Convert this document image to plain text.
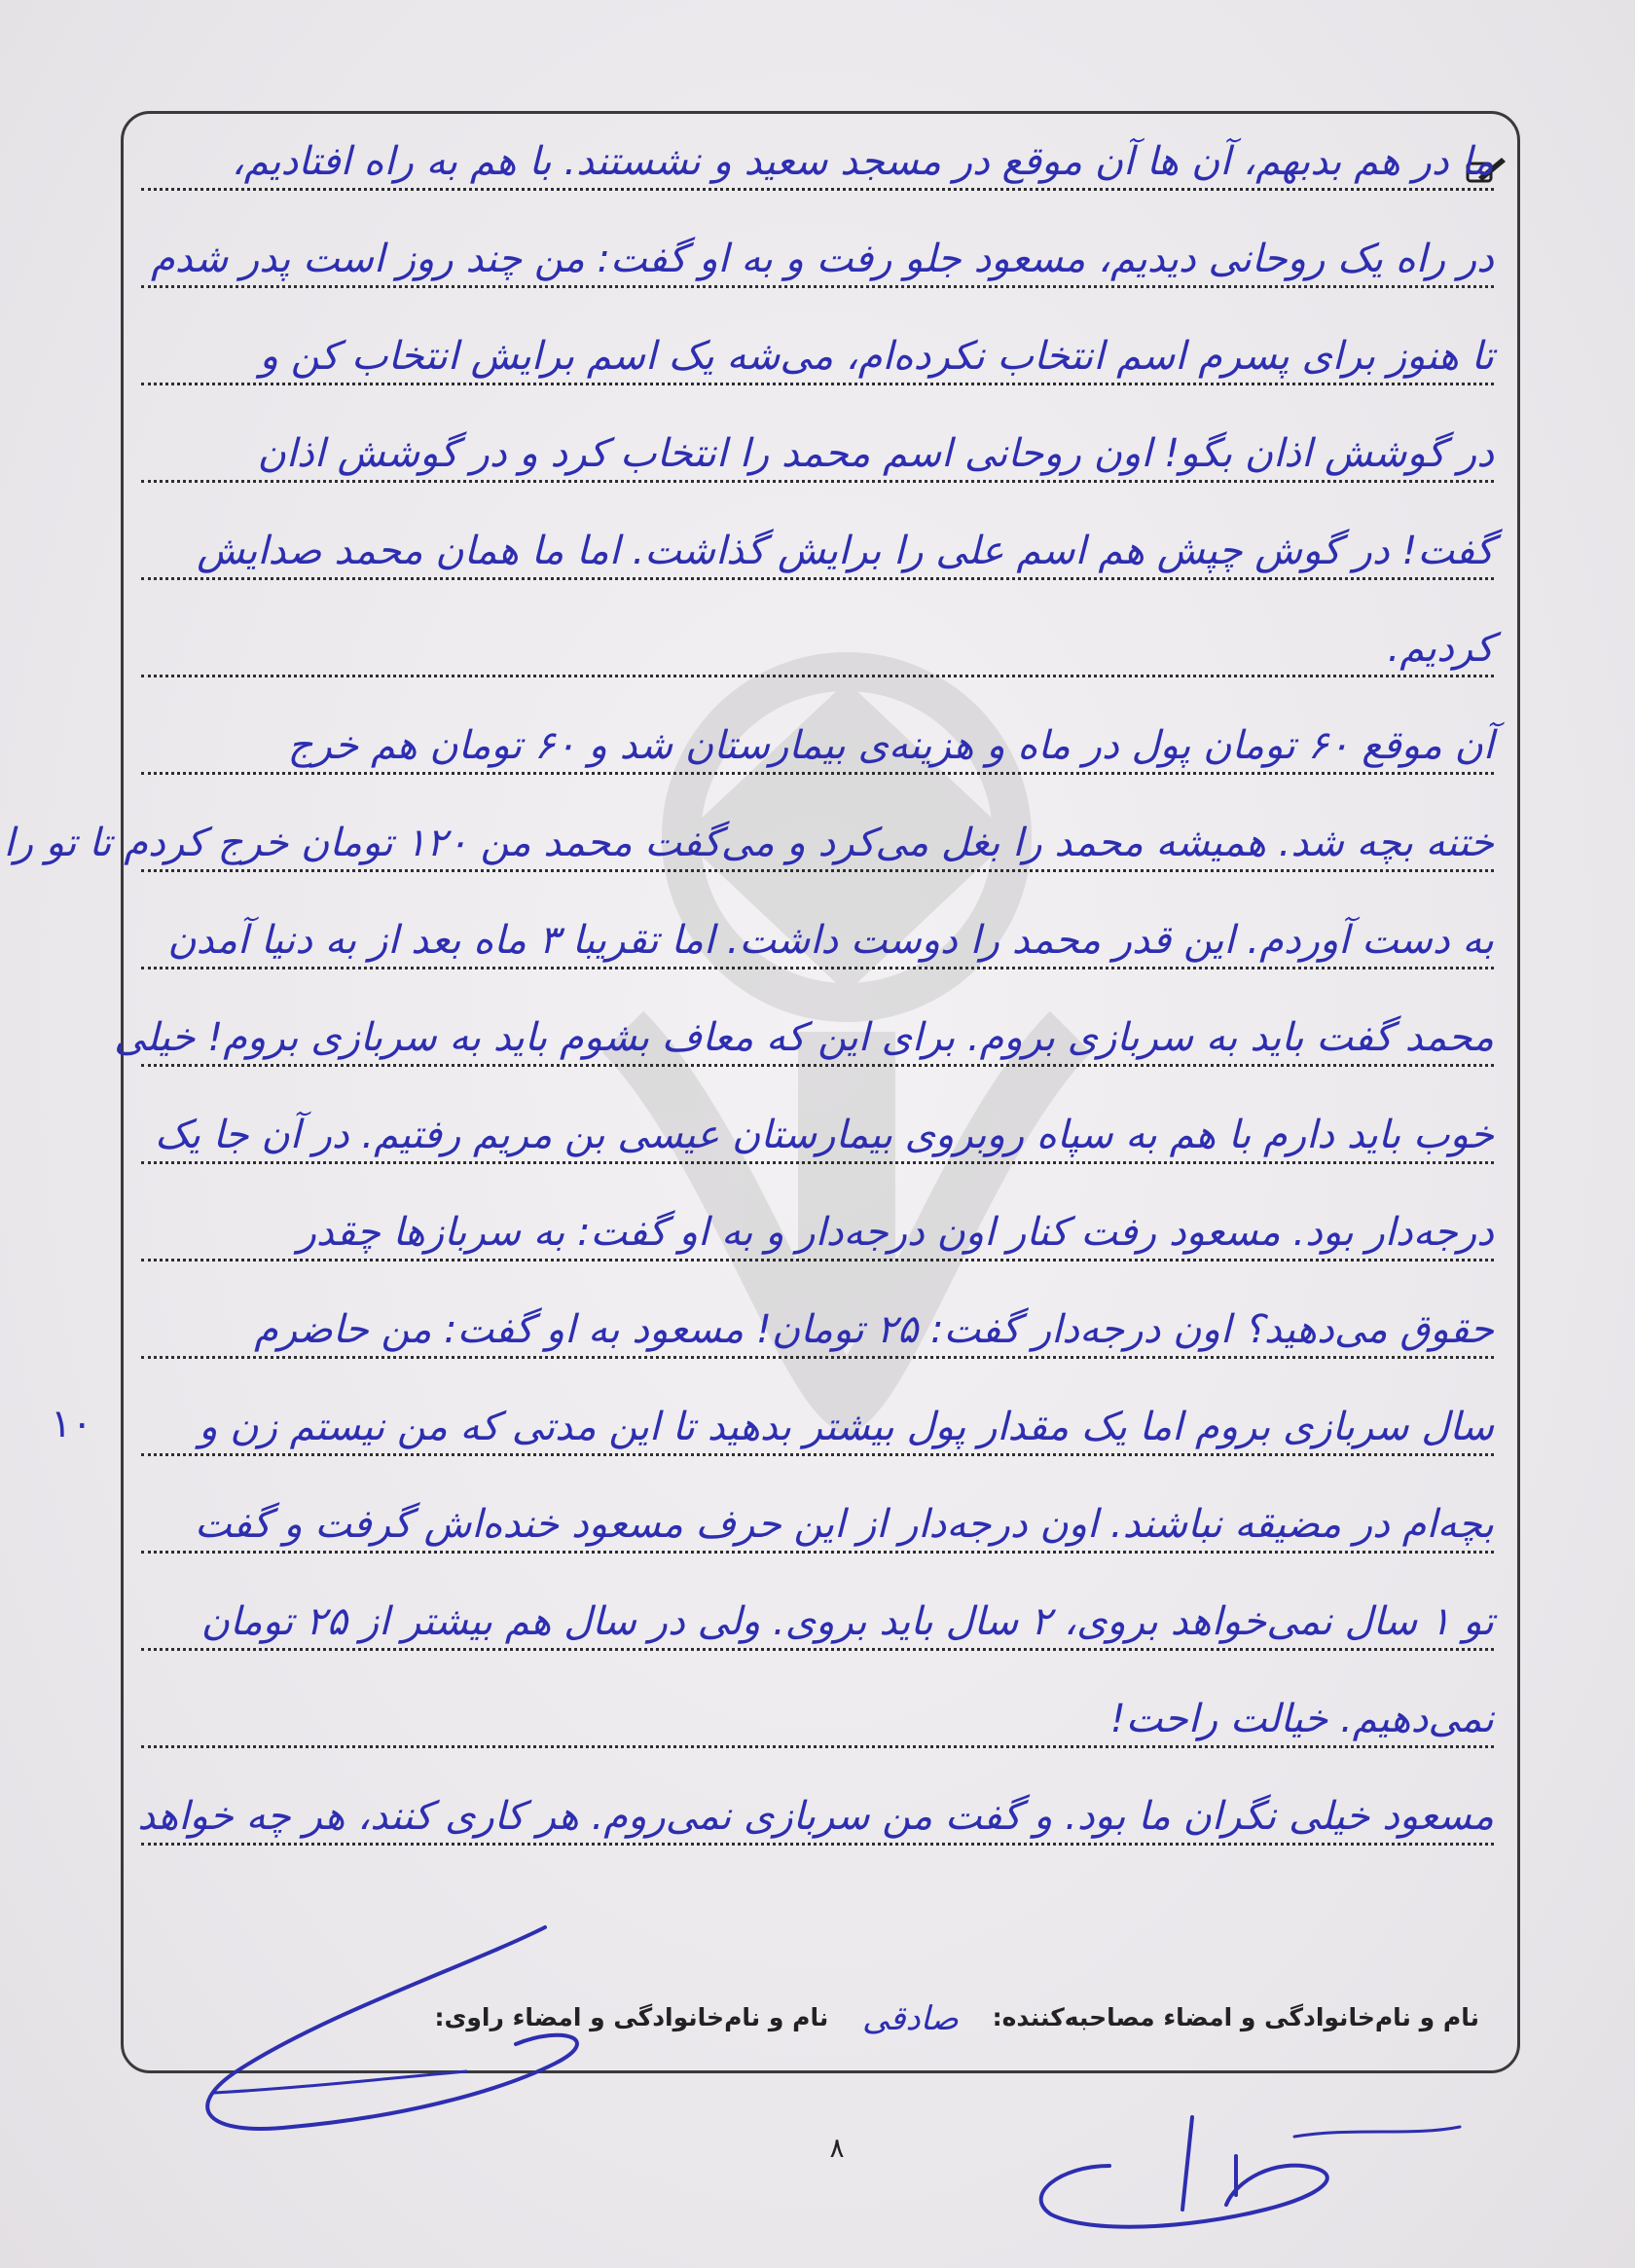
ما در هم بدبهم، آن ها آن موقع در مسجد سعید و نشستند. با هم به راه افتادیم،
در راه یک روحانی دیدیم، مسعود جلو رفت و به او گفت: من چند روز است پدر شدم
تا هنوز برای پسرم اسم انتخاب نکرده‌ام، می‌شه یک اسم برایش انتخاب کن و
در گوشش اذان بگو! اون روحانی اسم محمد را انتخاب کرد و در گوشش اذان
گفت! در گوش چپش هم اسم علی را برایش گذاشت. اما ما همان محمد صدایش
کردیم.
آن موقع ۶۰ تومان پول در ماه و هزینه‌ی بیمارستان شد و ۶۰ تومان هم خرج
ختنه بچه شد. همیشه محمد را بغل می‌کرد و می‌گفت محمد من ۱۲۰ تومان خرج کردم تا تو را
به دست آوردم. این قدر محمد را دوست داشت. اما تقریبا ۳ ماه بعد از به دنیا آمدن
محمد گفت باید به سربازی بروم. برای این که معاف بشوم باید به سربازی بروم! خیلی
خوب باید دارم با هم به سپاه روبروی بیمارستان عیسی بن مریم رفتیم. در آن جا یک
درجه‌دار بود. مسعود رفت کنار اون درجه‌دار و به او گفت: به سربازها چقدر
حقوق می‌دهید؟ اون درجه‌دار گفت: ۲۵ تومان! مسعود به او گفت: من حاضرم
سال سربازی بروم اما یک مقدار پول بیشتر بدهید تا این مدتی که من نیستم زن و
بچه‌ام در مضیقه نباشند. اون درجه‌دار از این حرف مسعود خنده‌اش گرفت و گفت
تو ۱ سال نمی‌خواهد بروی، ۲ سال باید بروی. ولی در سال هم بیشتر از ۲۵ تومان
نمی‌دهیم. خیالت راحت!
مسعود خیلی نگران ما بود. و گفت من سربازی نمی‌روم. هر کاری کنند، هر چه خواهد
۱۰
نام و نام‌خانوادگی و امضاء مصاحبه‌کننده: صادقی نام و نام‌خانوادگی و امضاء راوی:
۸
